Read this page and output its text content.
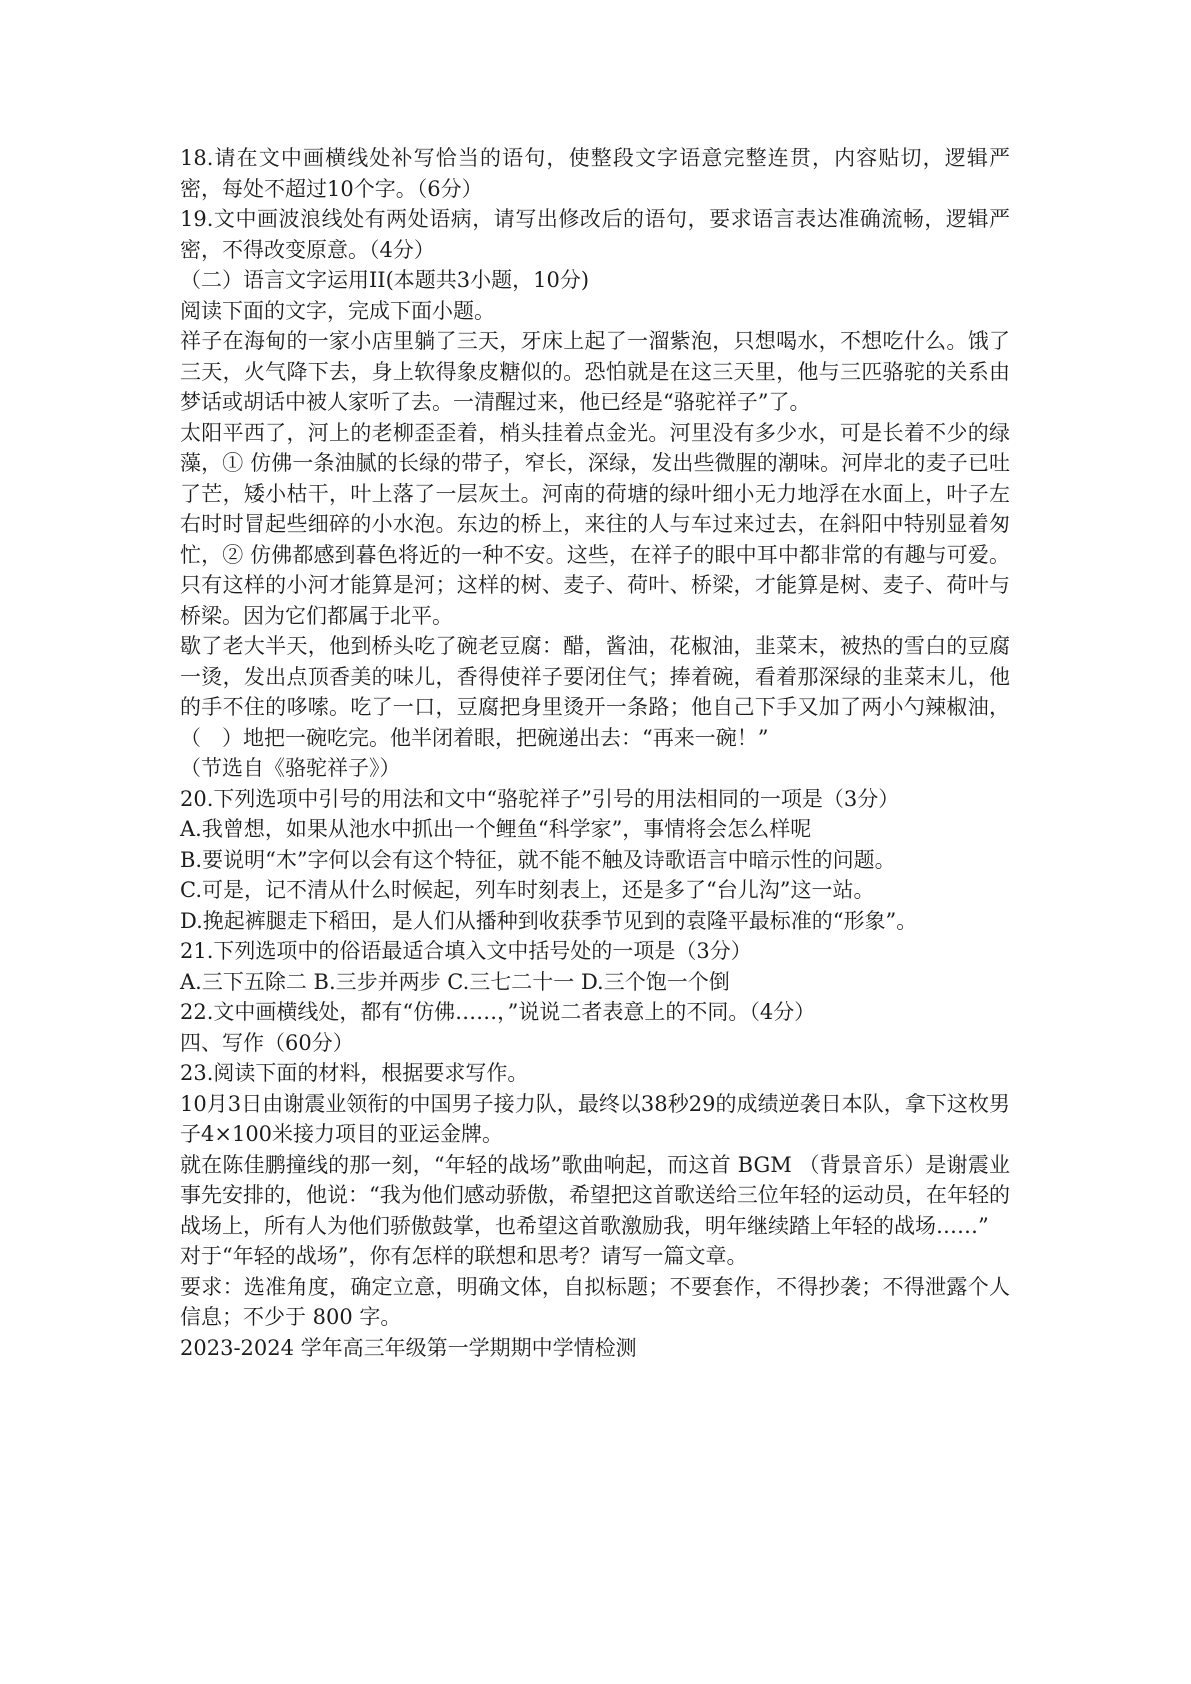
18.请在文中画横线处补写恰当的语句，使整段文字语意完整连贯，内容贴切，逻辑严密，每处不超过10个字。（6分）

19.文中画波浪线处有两处语病，请写出修改后的语句，要求语言表达准确流畅，逻辑严密，不得改变原意。（4分）

（二）语言文字运用II(本题共3小题，10分)

阅读下面的文字，完成下面小题。

祥子在海甸的一家小店里躺了三天，牙床上起了一溜紫泡，只想喝水，不想吃什么。饿了三天，火气降下去，身上软得象皮糖似的。恐怕就是在这三天里，他与三匹骆驼的关系由梦话或胡话中被人家听了去。一清醒过来，他已经是“骆驼祥子”了。

太阳平西了，河上的老柳歪歪着，梢头挂着点金光。河里没有多少水，可是长着不少的绿藻，① 仿佛一条油腻的长绿的带子，窄长，深绿，发出些微腥的潮味。河岸北的麦子已吐了芒，矮小枯干，叶上落了一层灰土。河南的荷塘的绿叶细小无力地浮在水面上，叶子左右时时冒起些细碎的小水泡。东边的桥上，来往的人与车过来过去，在斜阳中特别显着匆忙，② 仿佛都感到暮色将近的一种不安。这些，在祥子的眼中耳中都非常的有趣与可爱。只有这样的小河才能算是河；这样的树、麦子、荷叶、桥梁，才能算是树、麦子、荷叶与桥梁。因为它们都属于北平。

歇了老大半天，他到桥头吃了碗老豆腐：醋，酱油，花椒油，韭菜末，被热的雪白的豆腐一烫，发出点顶香美的味儿，香得使祥子要闭住气；捧着碗，看着那深绿的韭菜末儿，他的手不住的哆嗦。吃了一口，豆腐把身里烫开一条路；他自己下手又加了两小勺辣椒油，（　）地把一碗吃完。他半闭着眼，把碗递出去：“再来一碗！”

（节选自《骆驼祥子》）

20.下列选项中引号的用法和文中“骆驼祥子”引号的用法相同的一项是（3分）

A.我曾想，如果从池水中抓出一个鲤鱼“科学家”，事情将会怎么样呢

B.要说明“木”字何以会有这个特征，就不能不触及诗歌语言中暗示性的问题。

C.可是，记不清从什么时候起，列车时刻表上，还是多了“台儿沟”这一站。

D.挽起裤腿走下稻田，是人们从播种到收获季节见到的袁隆平最标准的“形象”。

21.下列选项中的俗语最适合填入文中括号处的一项是（3分）

A.三下五除二 B.三步并两步 C.三七二十一 D.三个饱一个倒

22.文中画横线处，都有“仿佛……，”说说二者表意上的不同。（4分）

四、写作（60分）

23.阅读下面的材料，根据要求写作。

10月3日由谢震业领衔的中国男子接力队，最终以38秒29的成绩逆袭日本队，拿下这枚男子4×100米接力项目的亚运金牌。

就在陈佳鹏撞线的那一刻，“年轻的战场”歌曲响起，而这首 BGM （背景音乐）是谢震业事先安排的，他说：“我为他们感动骄傲，希望把这首歌送给三位年轻的运动员，在年轻的战场上，所有人为他们骄傲鼓掌，也希望这首歌激励我，明年继续踏上年轻的战场……”

对于“年轻的战场”，你有怎样的联想和思考？请写一篇文章。

要求：选准角度，确定立意，明确文体，自拟标题；不要套作，不得抄袭；不得泄露个人信息；不少于 800 字。

2023-2024 学年高三年级第一学期期中学情检测
